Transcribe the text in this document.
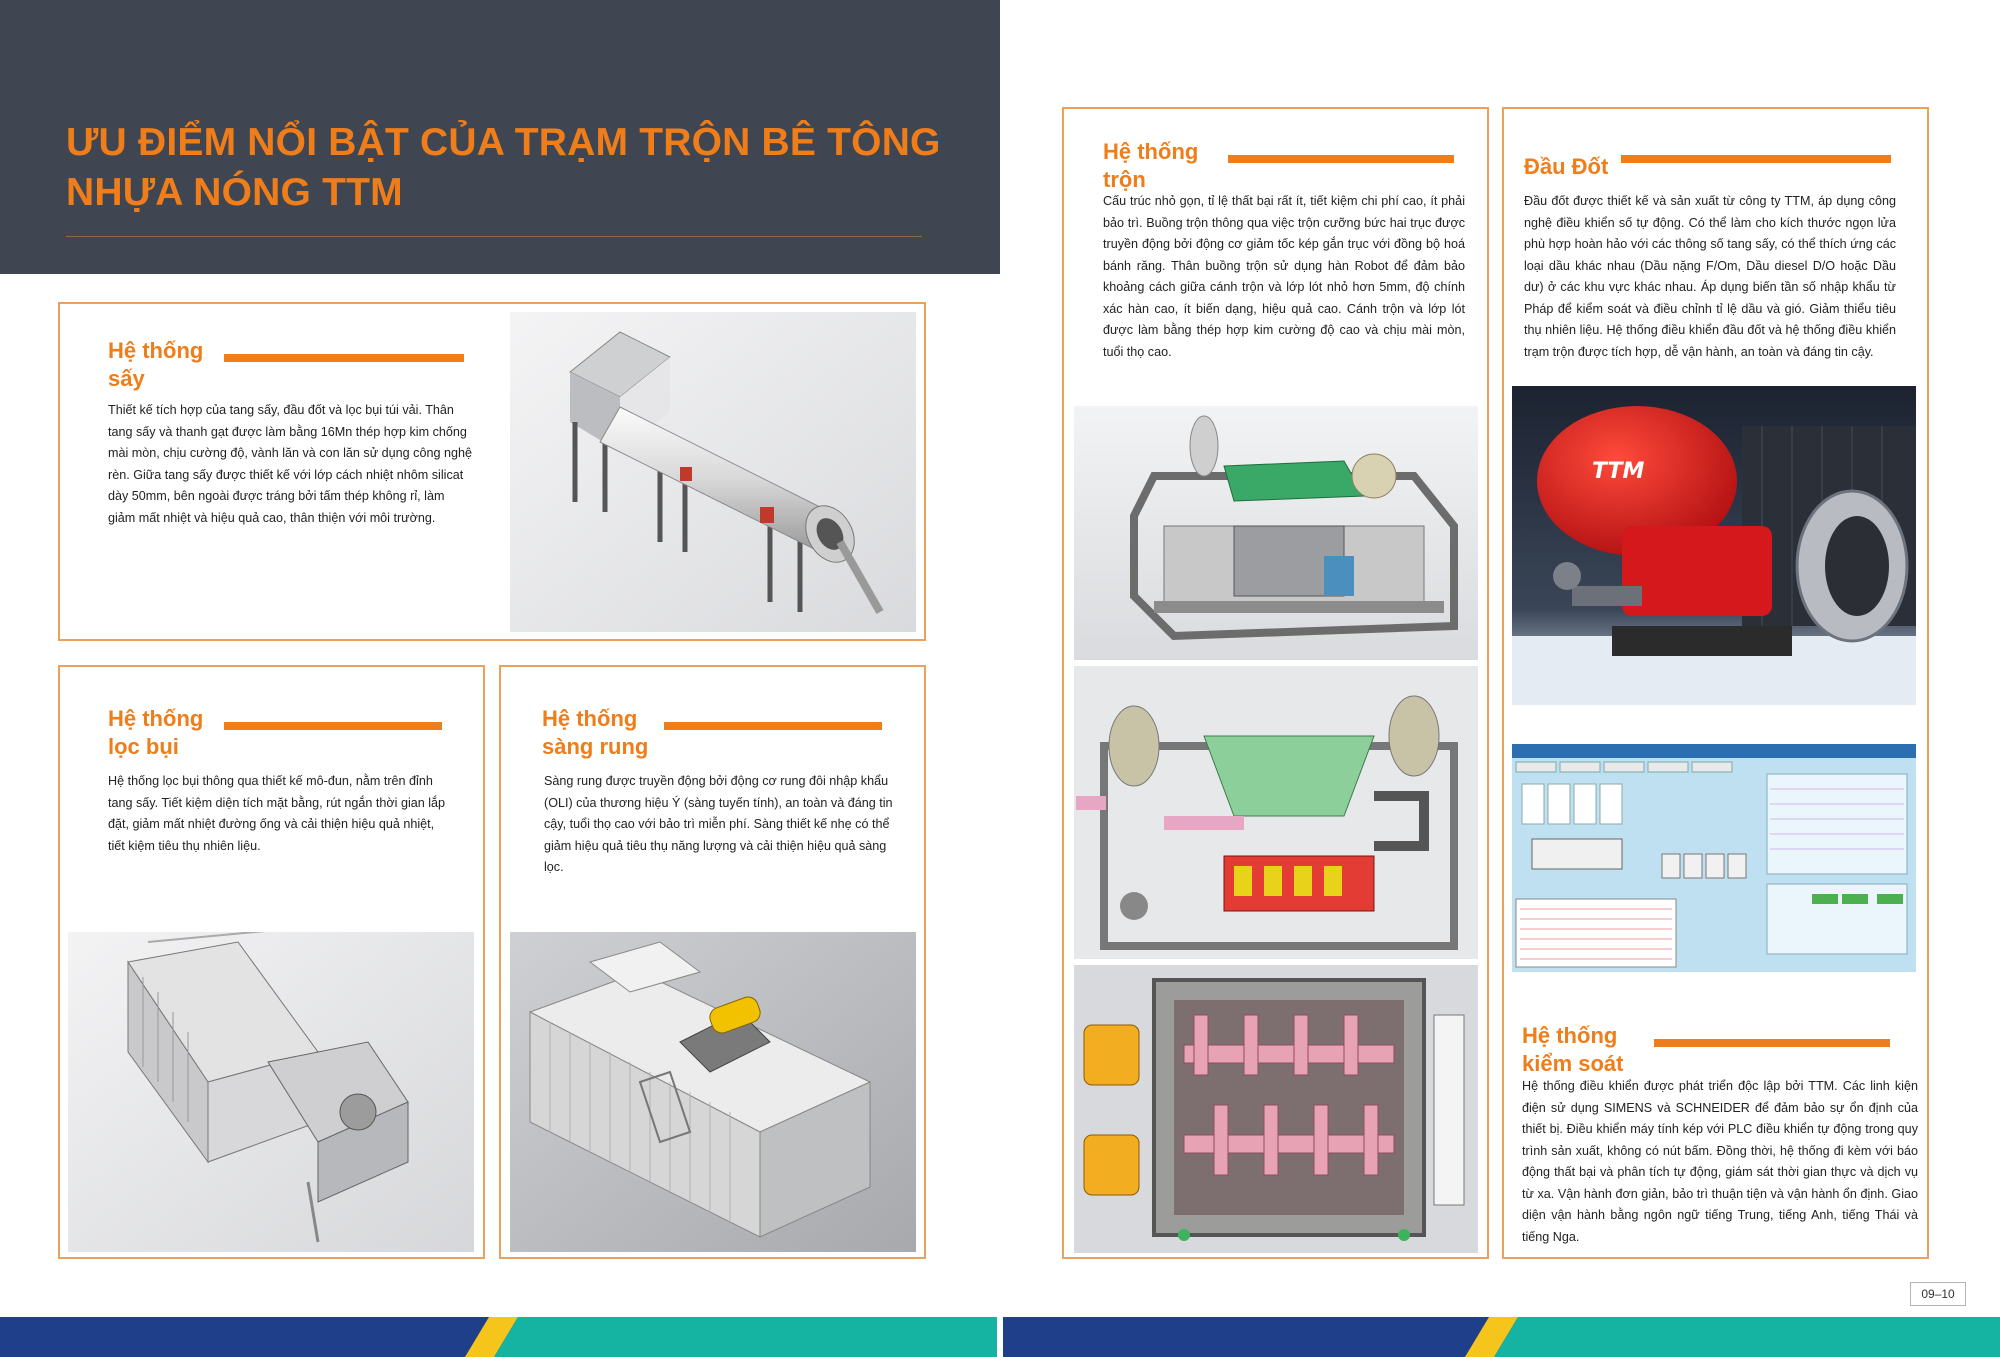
ƯU ĐIỂM NỔI BẬT CỦA TRẠM TRỘN BÊ TÔNG
NHỰA NÓNG TTM
Hệ thống
sấy
Thiết kế tích hợp của tang sấy, đầu đốt và lọc bụi túi vải. Thân tang sấy và thanh gạt được làm bằng 16Mn thép hợp kim chống mài mòn, chịu cường độ, vành lăn và con lăn sử dụng công nghệ rèn. Giữa tang sấy được thiết kế với lớp cách nhiệt nhôm silicat dày 50mm, bên ngoài được tráng bởi tấm thép không rỉ, làm giảm mất nhiệt và hiệu quả cao, thân thiện với môi trường.
Hệ thống
lọc bụi
Hệ thống lọc bụi thông qua thiết kế mô-đun, nằm trên đỉnh tang sấy. Tiết kiệm diện tích mặt bằng, rút ngắn thời gian lắp đặt, giảm mất nhiệt đường ống và cải thiện hiệu quả nhiệt, tiết kiệm tiêu thụ nhiên liệu.
Hệ thống
sàng rung
Sàng rung được truyền động bởi động cơ rung đôi nhập khẩu (OLI) của thương hiệu Ý (sàng tuyến tính), an toàn và đáng tin cậy, tuổi thọ cao với bảo trì miễn phí. Sàng thiết kế nhẹ có thể giảm hiệu quả tiêu thụ năng lượng và cải thiện hiệu quả sàng lọc.
Hệ thống
trộn
Cấu trúc nhỏ gọn, tỉ lệ thất bại rất ít, tiết kiệm chi phí cao, ít phải bảo trì. Buồng trộn thông qua việc trộn cưỡng bức hai trục được truyền động bởi động cơ giảm tốc kép gắn trục với đồng bộ hoá bánh răng. Thân buồng trộn sử dụng hàn Robot để đảm bảo khoảng cách giữa cánh trộn và lớp lót nhỏ hơn 5mm, độ chính xác hàn cao, ít biến dạng, hiệu quả cao. Cánh trộn và lớp lót được làm bằng thép hợp kim cường độ cao và chịu mài mòn, tuổi thọ cao.
Đầu Đốt
Đầu đốt được thiết kế và sản xuất từ công ty TTM, áp dụng công nghệ điều khiển số tự động. Có thể làm cho kích thước ngọn lửa phù hợp hoàn hảo với các thông số tang sấy, có thể thích ứng các loại dầu khác nhau (Dầu nặng F/Om, Dầu diesel D/O hoặc Dầu dư) ở các khu vực khác nhau. Áp dụng biến tần số nhập khẩu từ Pháp để kiểm soát và điều chỉnh tỉ lệ dầu và gió. Giảm thiểu tiêu thụ nhiên liệu. Hệ thống điều khiển đầu đốt và hệ thống điều khiển trạm trộn được tích hợp, dễ vận hành, an toàn và đáng tin cậy.
TTM
Hệ thống
kiểm soát
Hệ thống điều khiển được phát triển độc lập bởi TTM. Các linh kiện điện sử dụng SIMENS và SCHNEIDER để đảm bảo sự ổn định của thiết bị. Điều khiển máy tính kép với PLC điều khiển tự động trong quy trình sản xuất, không có nút bấm. Đồng thời, hệ thống đi kèm với báo động thất bại và phân tích tự động, giám sát thời gian thực và dịch vụ từ xa. Vận hành đơn giản, bảo trì thuận tiện và vận hành ổn định. Giao diện vận hành bằng ngôn ngữ tiếng Trung, tiếng Anh, tiếng Thái và tiếng Nga.
09–10
